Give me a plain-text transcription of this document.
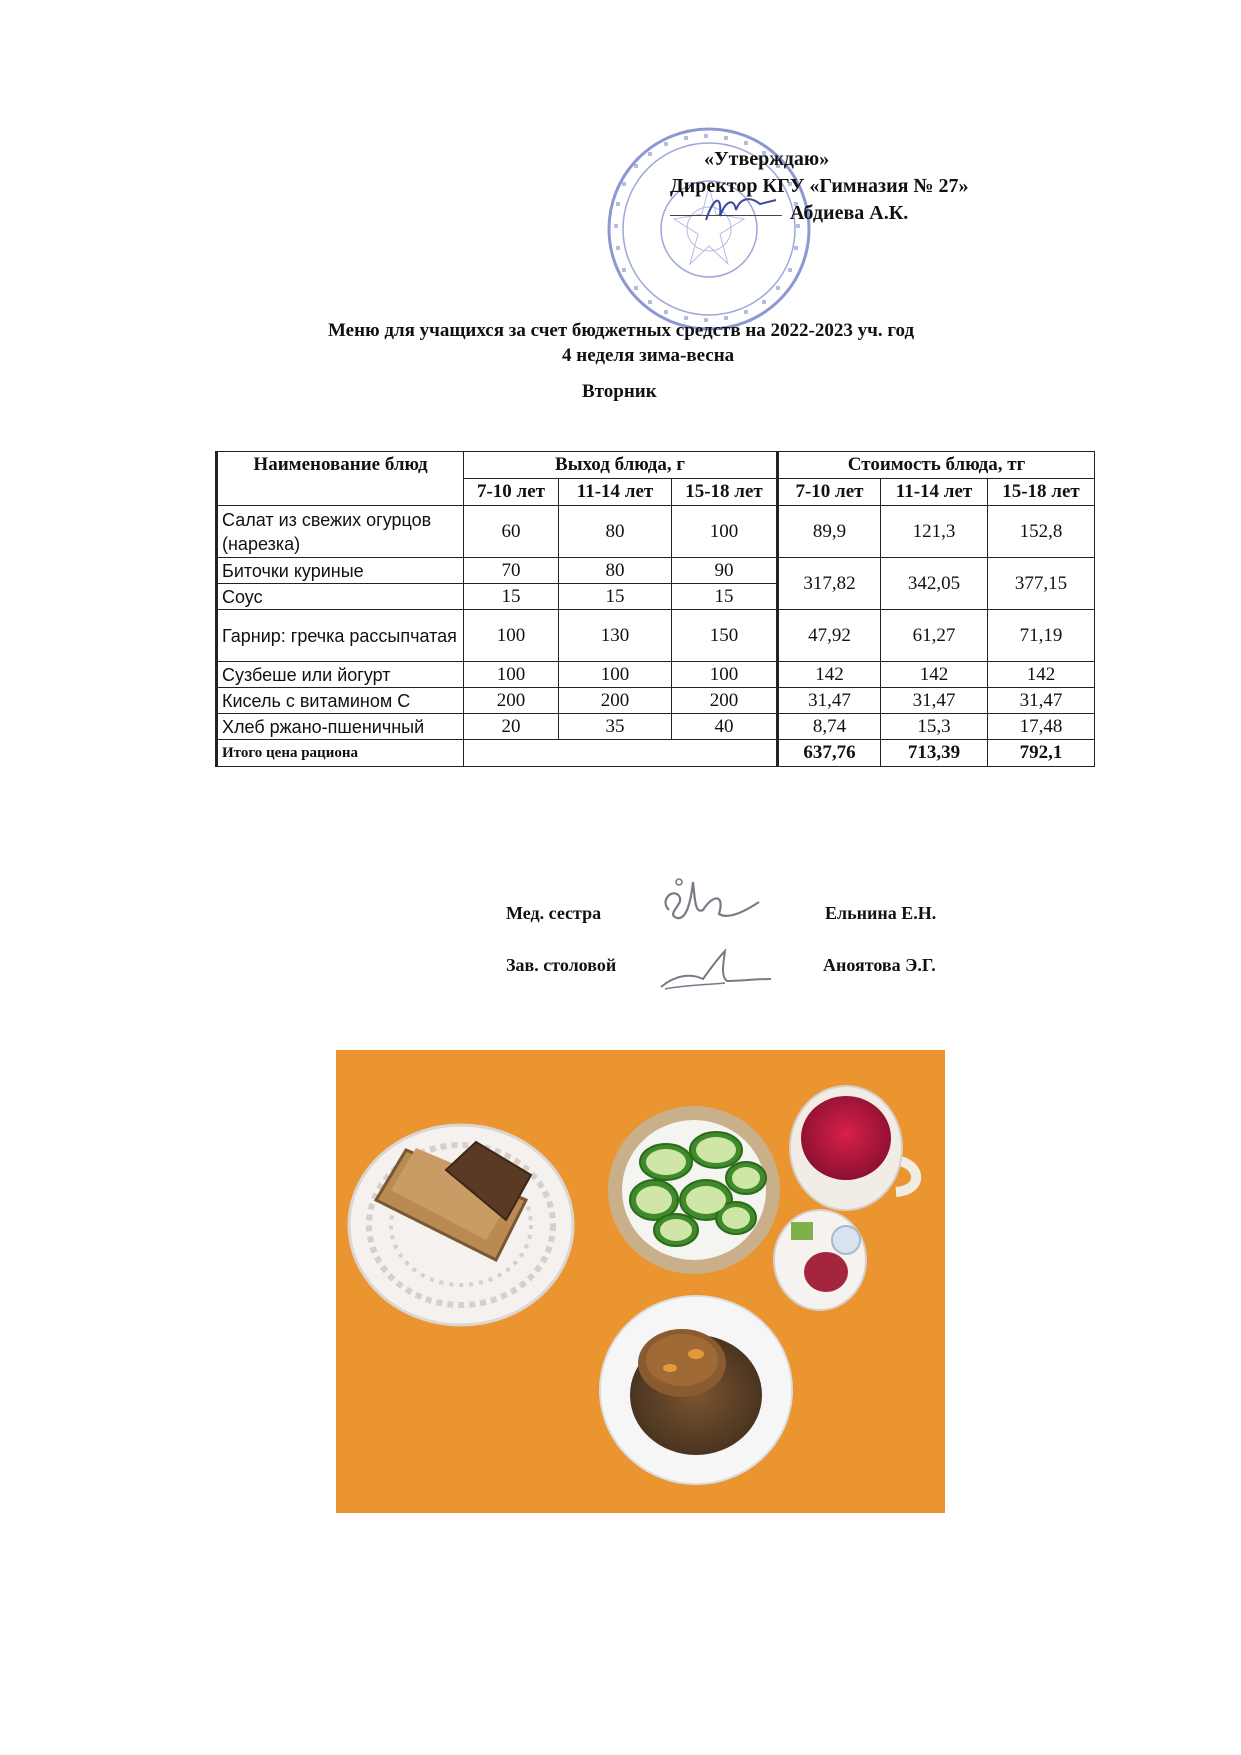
«Утверждаю»
Директор КГУ «Гимназия № 27»
Абдиева А.К.
Меню для учащихся за счет бюджетных средств на 2022-2023 уч. год
4 неделя зима-весна
Вторник
Наименование блюд	Выход блюда, г			Стоимость блюда, тг		
	7-10 лет	11-14 лет	15-18 лет	7-10 лет	11-14 лет	15-18 лет
Салат из свежих огурцов (нарезка)	60	80	100	89,9	121,3	152,8
Биточки куриные	70	80	90	317,82	342,05	377,15
Соус	15	15	15			
Гарнир: гречка рассыпчатая	100	130	150	47,92	61,27	71,19
Сузбеше или йогурт	100	100	100	142	142	142
Кисель с витамином С	200	200	200	31,47	31,47	31,47
Хлеб ржано-пшеничный	20	35	40	8,74	15,3	17,48
Итого цена рациона				637,76	713,39	792,1
Мед. сестра	Ельнина Е.Н.
Зав. столовой	Аноятова Э.Г.
